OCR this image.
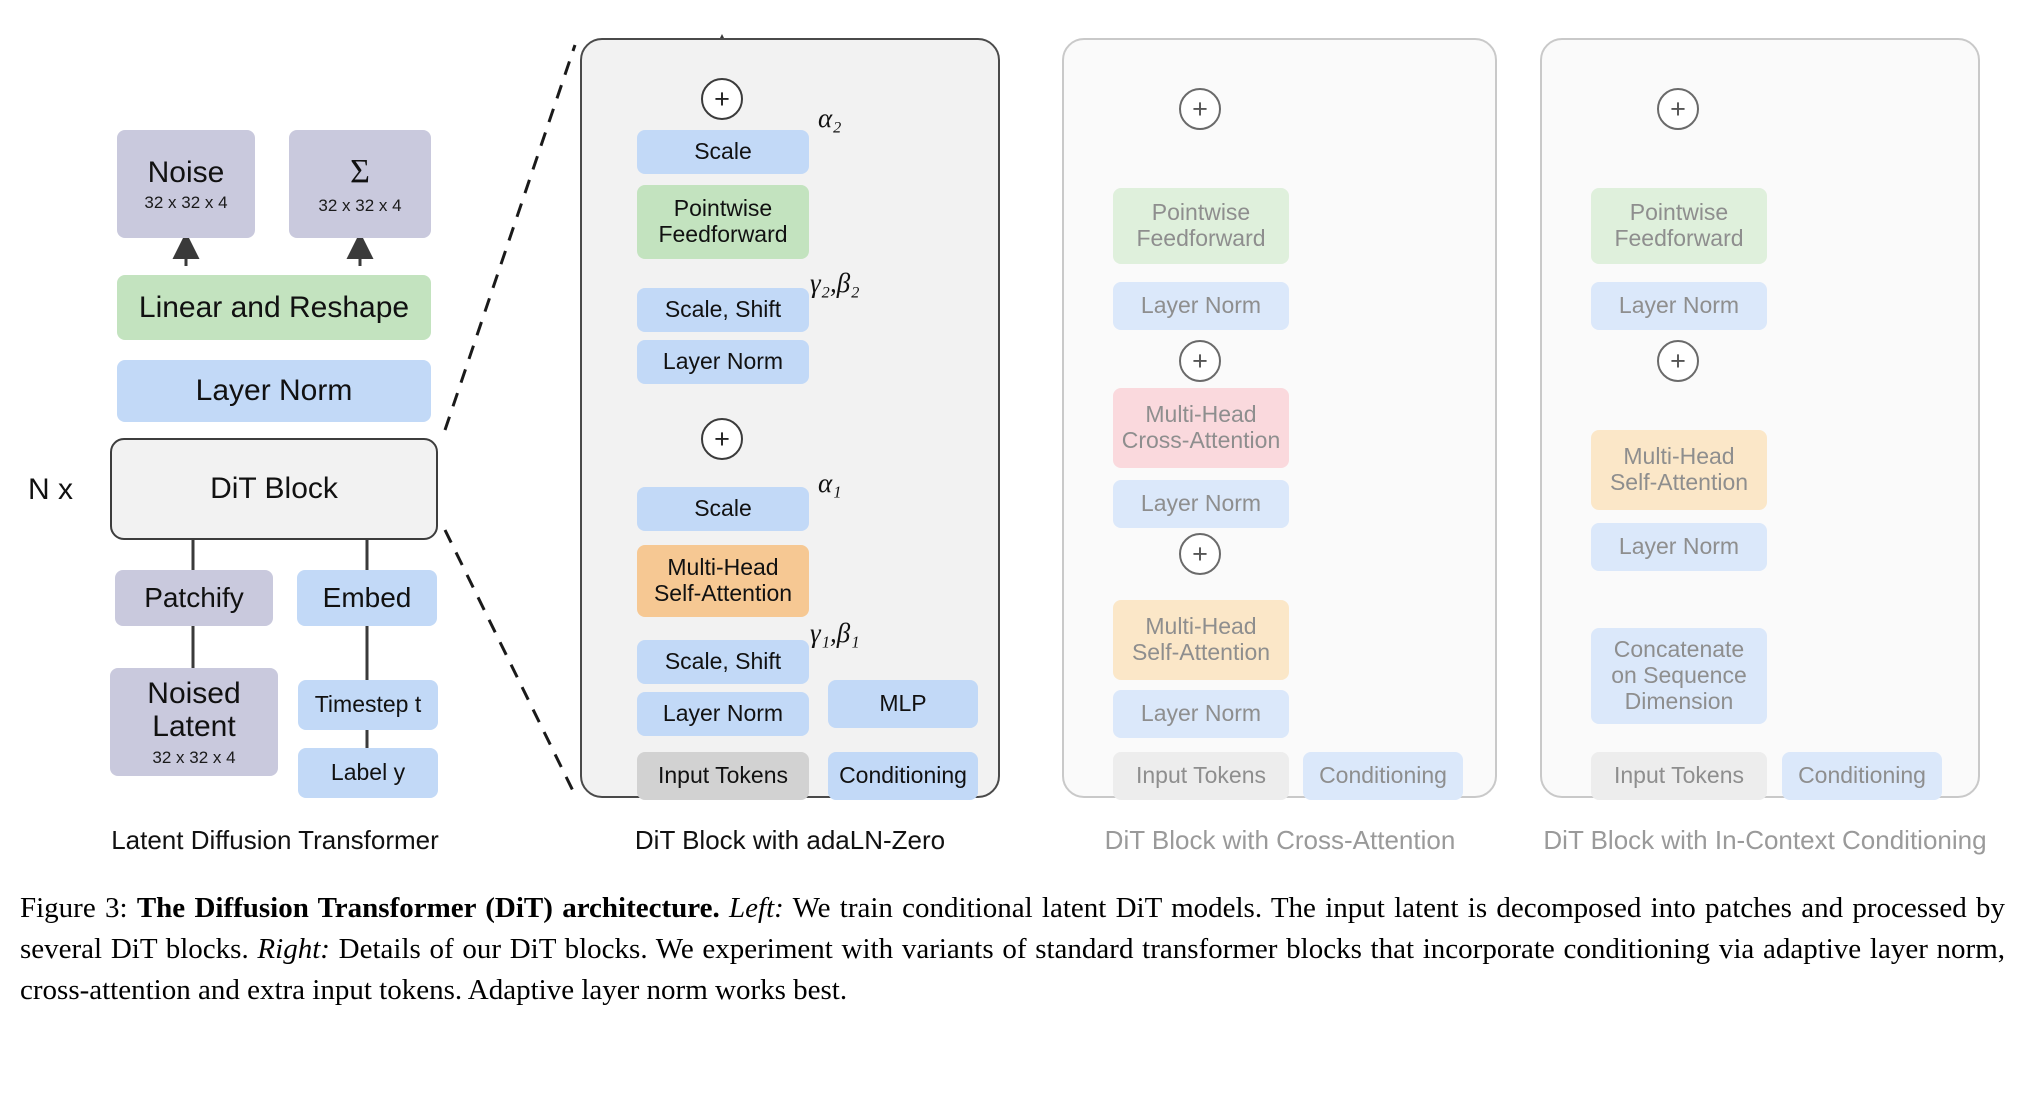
Noise
32 x 32 x 4
Σ
32 x 32 x 4
Linear and Reshape
Layer Norm
DiT Block
N x
Patchify	Embed
Noised
Latent
32 x 32 x 4
Timestep t
Label y
Latent Diffusion Transformer
+
Scale
Pointwise
Feedforward
Scale, Shift
Layer Norm
+
Scale
Multi-Head
Self-Attention
Scale, Shift
Layer Norm
Input Tokens
MLP
Conditioning
α₂
γ₂,β₂
α₁
γ₁,β₁
DiT Block with adaLN-Zero
+
Pointwise
Feedforward
Layer Norm
+
Multi-Head
Cross-Attention
Layer Norm
+
Multi-Head
Self-Attention
Layer Norm
Input Tokens Conditioning
DiT Block with Cross-Attention
+
Pointwise
Feedforward
Layer Norm
+
Multi-Head
Self-Attention
Layer Norm
Concatenate
on Sequence
Dimension
Input Tokens Conditioning
DiT Block with In-Context Conditioning
Figure 3: The Diffusion Transformer (DiT) architecture. Left: We train conditional latent DiT models. The input latent is decomposed into patches and processed by several DiT blocks. Right: Details of our DiT blocks. We experiment with variants of standard transformer blocks that incorporate conditioning via adaptive layer norm, cross-attention and extra input tokens. Adaptive layer norm works best.
